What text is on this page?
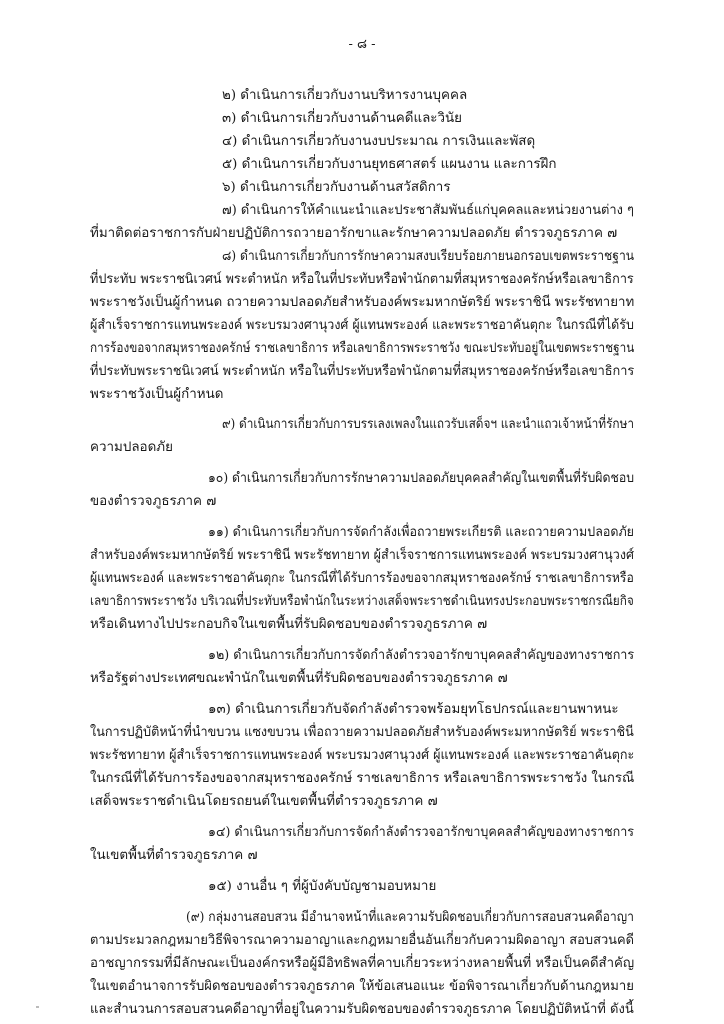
- ๘ -
๒) ดำเนินการเกี่ยวกับงานบริหารงานบุคคล
๓) ดำเนินการเกี่ยวกับงานด้านคดีและวินัย
๔) ดำเนินการเกี่ยวกับงานงบประมาณ การเงินและพัสดุ
๕) ดำเนินการเกี่ยวกับงานยุทธศาสตร์ แผนงาน และการฝึก
๖) ดำเนินการเกี่ยวกับงานด้านสวัสดิการ
๗) ดำเนินการให้คำแนะนำและประชาสัมพันธ์แก่บุคคลและหน่วยงานต่าง ๆ
ที่มาติดต่อราชการกับฝ่ายปฏิบัติการถวายอารักขาและรักษาความปลอดภัย ตำรวจภูธรภาค ๗
๘) ดำเนินการเกี่ยวกับการรักษาความสงบเรียบร้อยภายนอกรอบเขตพระราชฐาน
ที่ประทับ พระราชนิเวศน์ พระตำหนัก หรือในที่ประทับหรือพำนักตามที่สมุหราชองครักษ์หรือเลขาธิการ
พระราชวังเป็นผู้กำหนด ถวายความปลอดภัยสำหรับองค์พระมหากษัตริย์ พระราชินี พระรัชทายาท
ผู้สำเร็จราชการแทนพระองค์ พระบรมวงศานุวงศ์ ผู้แทนพระองค์ และพระราชอาคันตุกะ ในกรณีที่ได้รับ
การร้องขอจากสมุหราชองครักษ์ ราชเลขาธิการ หรือเลขาธิการพระราชวัง ขณะประทับอยู่ในเขตพระราชฐาน
ที่ประทับพระราชนิเวศน์ พระตำหนัก หรือในที่ประทับหรือพำนักตามที่สมุหราชองครักษ์หรือเลขาธิการ
พระราชวังเป็นผู้กำหนด
๙) ดำเนินการเกี่ยวกับการบรรเลงเพลงในแถวรับเสด็จฯ และนำแถวเจ้าหน้าที่รักษา
ความปลอดภัย
๑๐) ดำเนินการเกี่ยวกับการรักษาความปลอดภัยบุคคลสำคัญในเขตพื้นที่รับผิดชอบ
ของตำรวจภูธรภาค ๗
๑๑) ดำเนินการเกี่ยวกับการจัดกำลังเพื่อถวายพระเกียรติ และถวายความปลอดภัย
สำหรับองค์พระมหากษัตริย์ พระราชินี พระรัชทายาท ผู้สำเร็จราชการแทนพระองค์ พระบรมวงศานุวงศ์
ผู้แทนพระองค์ และพระราชอาคันตุกะ ในกรณีที่ได้รับการร้องขอจากสมุหราชองครักษ์ ราชเลขาธิการหรือ
เลขาธิการพระราชวัง บริเวณที่ประทับหรือพำนักในระหว่างเสด็จพระราชดำเนินทรงประกอบพระราชกรณียกิจ
หรือเดินทางไปประกอบกิจในเขตพื้นที่รับผิดชอบของตำรวจภูธรภาค ๗
๑๒) ดำเนินการเกี่ยวกับการจัดกำลังตำรวจอารักขาบุคคลสำคัญของทางราชการ
หรือรัฐต่างประเทศขณะพำนักในเขตพื้นที่รับผิดชอบของตำรวจภูธรภาค ๗
๑๓) ดำเนินการเกี่ยวกับจัดกำลังตำรวจพร้อมยุทโธปกรณ์และยานพาหนะ
ในการปฏิบัติหน้าที่นำขบวน แซงขบวน เพื่อถวายความปลอดภัยสำหรับองค์พระมหากษัตริย์ พระราชินี
พระรัชทายาท ผู้สำเร็จราชการแทนพระองค์ พระบรมวงศานุวงศ์ ผู้แทนพระองค์ และพระราชอาคันตุกะ
ในกรณีที่ได้รับการร้องขอจากสมุหราชองครักษ์ ราชเลขาธิการ หรือเลขาธิการพระราชวัง ในกรณี
เสด็จพระราชดำเนินโดยรถยนต์ในเขตพื้นที่ตำรวจภูธรภาค ๗
๑๔) ดำเนินการเกี่ยวกับการจัดกำลังตำรวจอารักขาบุคคลสำคัญของทางราชการ
ในเขตพื้นที่ตำรวจภูธรภาค ๗
๑๕) งานอื่น ๆ ที่ผู้บังคับบัญชามอบหมาย
(๙) กลุ่มงานสอบสวน มีอำนาจหน้าที่และความรับผิดชอบเกี่ยวกับการสอบสวนคดีอาญา
ตามประมวลกฎหมายวิธีพิจารณาความอาญาและกฎหมายอื่นอันเกี่ยวกับความผิดอาญา สอบสวนคดี
อาชญากรรมที่มีลักษณะเป็นองค์กรหรือผู้มีอิทธิพลที่คาบเกี่ยวระหว่างหลายพื้นที่ หรือเป็นคดีสำคัญ
ในเขตอำนาจการรับผิดชอบของตำรวจภูธรภาค ให้ข้อเสนอแนะ ข้อพิจารณาเกี่ยวกับด้านกฎหมาย
และสำนวนการสอบสวนคดีอาญาที่อยู่ในความรับผิดชอบของตำรวจภูธรภาค โดยปฏิบัติหน้าที่ ดังนี้
